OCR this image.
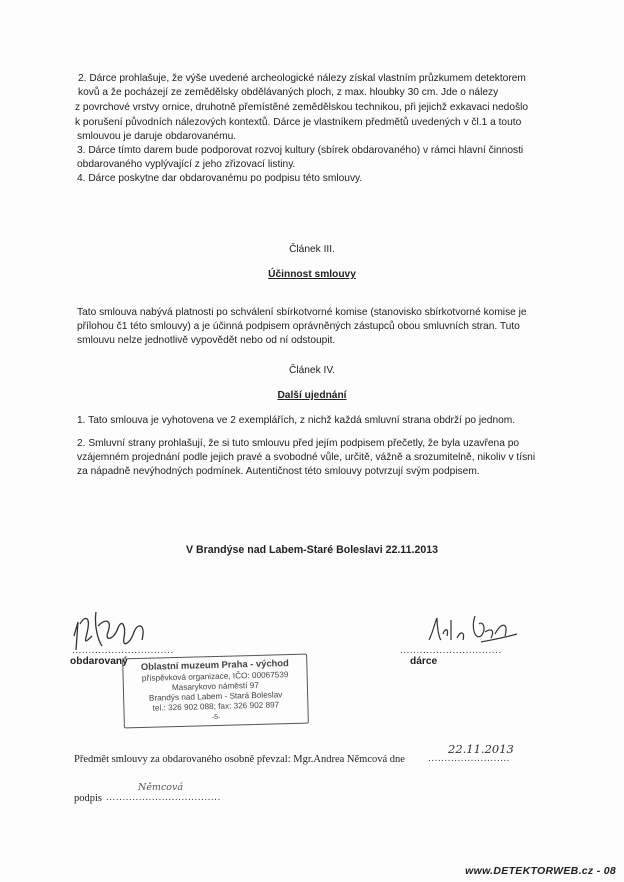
2. Dárce prohlašuje, že výše uvedené archeologické nálezy získal vlastním průzkumem detektorem
kovů a že pocházejí ze zemědělsky obdělávaných ploch, z max. hloubky 30 cm. Jde o nálezy
z povrchové vrstvy ornice, druhotně přemístěné zemědělskou technikou, při jejichž exkavaci nedošlo
k porušení původních nálezových kontextů. Dárce je vlastníkem předmětů uvedených v čl.1 a touto
smlouvou je daruje obdarovanému.
3. Dárce tímto darem bude podporovat rozvoj kultury (sbírek obdarovaného) v rámci hlavní činnosti
obdarovaného vyplývající z jeho zřizovací listiny.
4. Dárce poskytne dar obdarovanému po podpisu této smlouvy.
Článek III.
Účinnost smlouvy
Tato smlouva nabývá platnosti po schválení sbírkotvorné komise (stanovisko sbírkotvorné komise je
přílohou č1 této smlouvy) a je účinná podpisem oprávněných zástupců obou smluvních stran. Tuto
smlouvu nelze jednotlivě vypovědět nebo od ní odstoupit.
Článek IV.
Další ujednání
1. Tato smlouva je vyhotovena ve 2 exemplářích, z nichž každá smluvní strana obdrží po jednom.
2. Smluvní strany prohlašují, že si tuto smlouvu před jejím podpisem přečetly, že byla uzavřena po
vzájemném projednání podle jejich pravé a svobodné vůle, určitě, vážně a srozumitelně, nikoliv v tísni
za nápadně nevýhodných podmínek. Autentičnost této smlouvy potvrzují svým podpisem.
V Brandýse nad Labem-Staré Boleslavi 22.11.2013
...............................
obdarovaný
...............................
dárce
Oblastní muzeum Praha - východ
příspěvková organizace, IČO: 00067539
Masarykovo náměstí 97
Brandýs nad Labem - Stará Boleslav
tel.: 326 902 088; fax: 326 902 897
-5-
Předmět smlouvy za obdarovaného osobně převzal: Mgr.Andrea Němcová dne .........................
22.11.2013
podpis ...................................
Němcová
www.DETEKTORWEB.cz - 08
